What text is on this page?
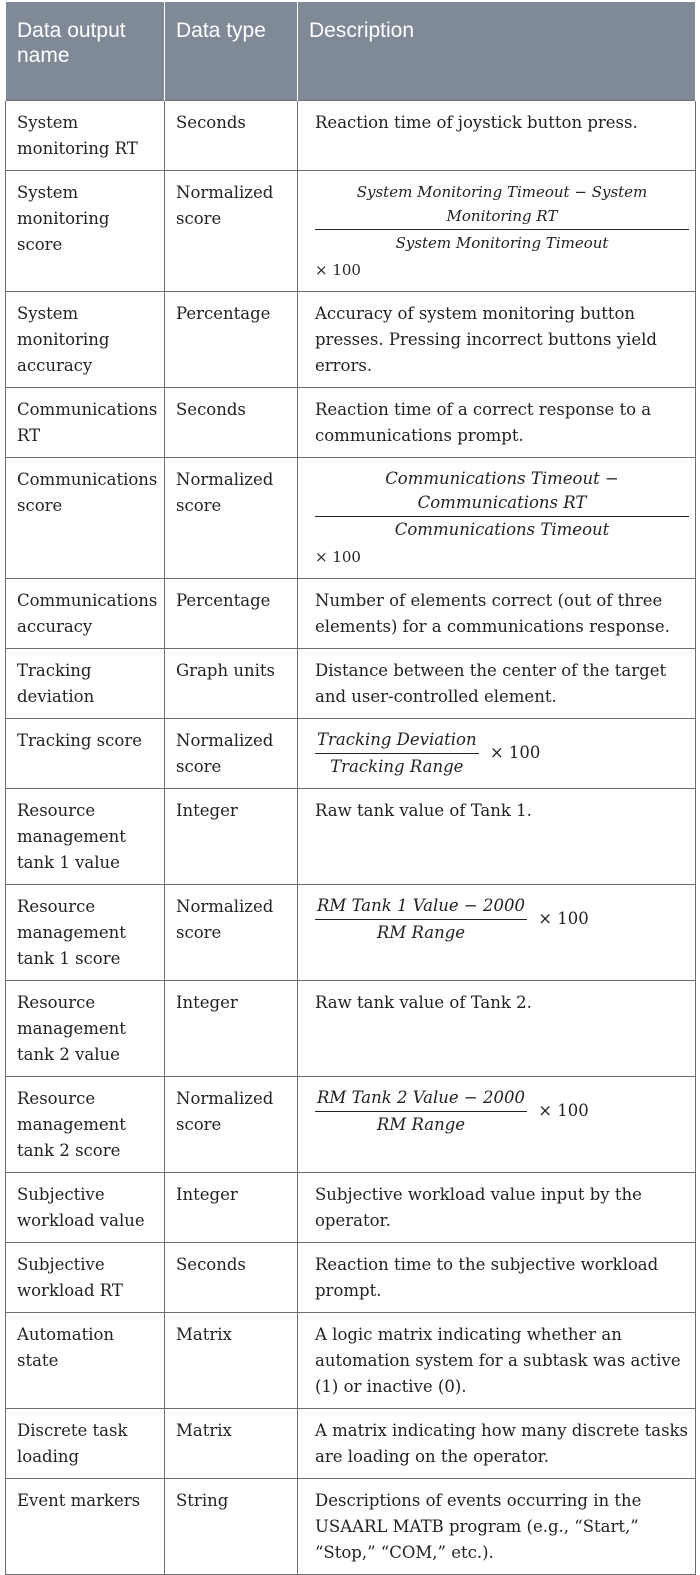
Data output name	Data type	Description
System monitoring RT	Seconds	Reaction time of joystick button press.
System monitoring score	Normalized score	$\frac{\text{System Monitoring Timeout − System Monitoring RT}}{\text{System Monitoring Timeout}}$
× 100

System monitoring accuracy	Percentage	Accuracy of system monitoring button presses. Pressing incorrect buttons yield errors.
Communications RT	Seconds	Reaction time of a correct response to a communications prompt.
Communications score	Normalized score	$\frac{\text{Communications Timeout − Communications RT}}{\text{Communications Timeout}}$
× 100

Communications accuracy	Percentage	Number of elements correct (out of three elements) for a communications response.
Tracking deviation	Graph units	Distance between the center of the target and user-controlled element.
Tracking score	Normalized score	$\frac{\text{Tracking Deviation}}{\text{Tracking Range}} \times 100$
Resource management tank 1 value	Integer	Raw tank value of Tank 1.
Resource management tank 1 score	Normalized score	$\frac{\text{RM Tank 1 Value − 2000}}{\text{RM Range}} \times 100$
Resource management tank 2 value	Integer	Raw tank value of Tank 2.
Resource management tank 2 score	Normalized score	$\frac{\text{RM Tank 2 Value − 2000}}{\text{RM Range}} \times 100$
Subjective workload value	Integer	Subjective workload value input by the operator.
Subjective workload RT	Seconds	Reaction time to the subjective workload prompt.
Automation state	Matrix	A logic matrix indicating whether an automation system for a subtask was active (1) or inactive (0).
Discrete task loading	Matrix	A matrix indicating how many discrete tasks are loading on the operator.
Event markers	String	Descriptions of events occurring in the USAARL MATB program (e.g., “Start,” “Stop,” “COM,” etc.).
